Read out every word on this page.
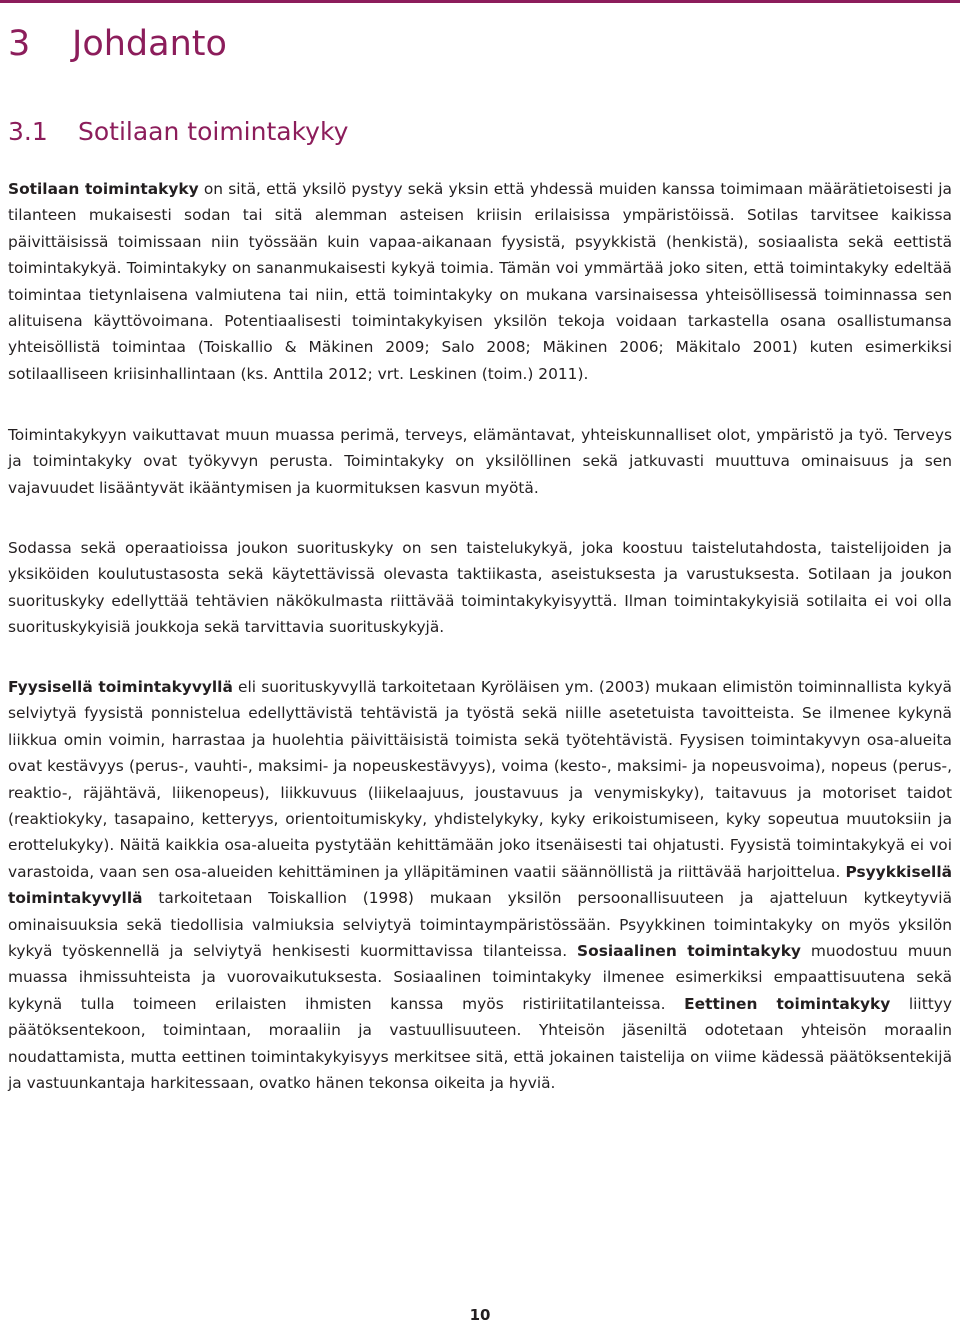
3 Johdanto
3.1 Sotilaan toimintakyky

Sotilaan toimintakyky on sitä, että yksilö pystyy sekä yksin että yhdessä muiden kanssa toimimaan määrätietoisesti ja tilanteen mukaisesti sodan tai sitä alemman asteisen kriisin erilaisissa ympäristöissä. Sotilas tarvitsee kaikissa päivittäisissä toimissaan niin työssään kuin vapaa-aikanaan fyysistä, psyykkistä (henkistä), sosiaalista sekä eettistä toimintakykyä. Toimintakyky on sananmukaisesti kykyä toimia. Tämän voi ymmärtää joko siten, että toimintakyky edeltää toimintaa tietynlaisena valmiutena tai niin, että toimintakyky on mukana varsinaisessa yhteisöllisessä toiminnassa sen alituisena käyttövoimana. Potentiaalisesti toimintakykyisen yksilön tekoja voidaan tarkastella osana osallistumansa yhteisöllistä toimintaa (Toiskallio & Mäkinen 2009; Salo 2008; Mäkinen 2006; Mäkitalo 2001) kuten esimerkiksi sotilaalliseen kriisinhallintaan (ks. Anttila 2012; vrt. Leskinen (toim.) 2011).

Toimintakykyyn vaikuttavat muun muassa perimä, terveys, elämäntavat, yhteiskunnalliset olot, ympäristö ja työ. Terveys ja toimintakyky ovat työkyvyn perusta. Toimintakyky on yksilöllinen sekä jatkuvasti muuttuva ominaisuus ja sen vajavuudet lisääntyvät ikääntymisen ja kuormituksen kasvun myötä.

Sodassa sekä operaatioissa joukon suorituskyky on sen taistelukykyä, joka koostuu taistelutahdosta, taistelijoiden ja yksiköiden koulutustasosta sekä käytettävissä olevasta taktiikasta, aseistuksesta ja varustuksesta. Sotilaan ja joukon suorituskyky edellyttää tehtävien näkökulmasta riittävää toimintakykyisyyttä. Ilman toimintakykyisiä sotilaita ei voi olla suorituskykyisiä joukkoja sekä tarvittavia suorituskykyjä.

Fyysisellä toimintakyvyllä eli suorituskyvyllä tarkoitetaan Kyröläisen ym. (2003) mukaan elimistön toiminnallista kykyä selviytyä fyysistä ponnistelua edellyttävistä tehtävistä ja työstä sekä niille asetetuista tavoitteista. Se ilmenee kykynä liikkua omin voimin, harrastaa ja huolehtia päivittäisistä toimista sekä työtehtävistä. Fyysisen toimintakyvyn osa-alueita ovat kestävyys (perus-, vauhti-, maksimi- ja nopeuskestävyys), voima (kesto-, maksimi- ja nopeusvoima), nopeus (perus-, reaktio-, räjähtävä, liikenopeus), liikkuvuus (liikelaajuus, joustavuus ja venymiskyky), taitavuus ja motoriset taidot (reaktiokyky, tasapaino, ketteryys, orientoitumiskyky, yhdistelykyky, kyky erikoistumiseen, kyky sopeutua muutoksiin ja erottelukyky). Näitä kaikkia osa-alueita pystytään kehittämään joko itsenäisesti tai ohjatusti. Fyysistä toimintakykyä ei voi varastoida, vaan sen osa-alueiden kehittäminen ja ylläpitäminen vaatii säännöllistä ja riittävää harjoittelua. Psyykkisellä toimintakyvyllä tarkoitetaan Toiskallion (1998) mukaan yksilön persoonallisuuteen ja ajatteluun kytkeytyviä ominaisuuksia sekä tiedollisia valmiuksia selviytyä toimintaympäristössään. Psyykkinen toimintakyky on myös yksilön kykyä työskennellä ja selviytyä henkisesti kuormittavissa tilanteissa. Sosiaalinen toimintakyky muodostuu muun muassa ihmissuhteista ja vuorovaikutuksesta. Sosiaalinen toimintakyky ilmenee esimerkiksi empaattisuutena sekä kykynä tulla toimeen erilaisten ihmisten kanssa myös ristiriitatilanteissa. Eettinen toimintakyky liittyy päätöksentekoon, toimintaan, moraaliin ja vastuullisuuteen. Yhteisön jäseniltä odotetaan yhteisön moraalin noudattamista, mutta eettinen toimintakykyisyys merkitsee sitä, että jokainen taistelija on viime kädessä päätöksentekijä ja vastuunkantaja harkitessaan, ovatko hänen tekonsa oikeita ja hyviä.

10
